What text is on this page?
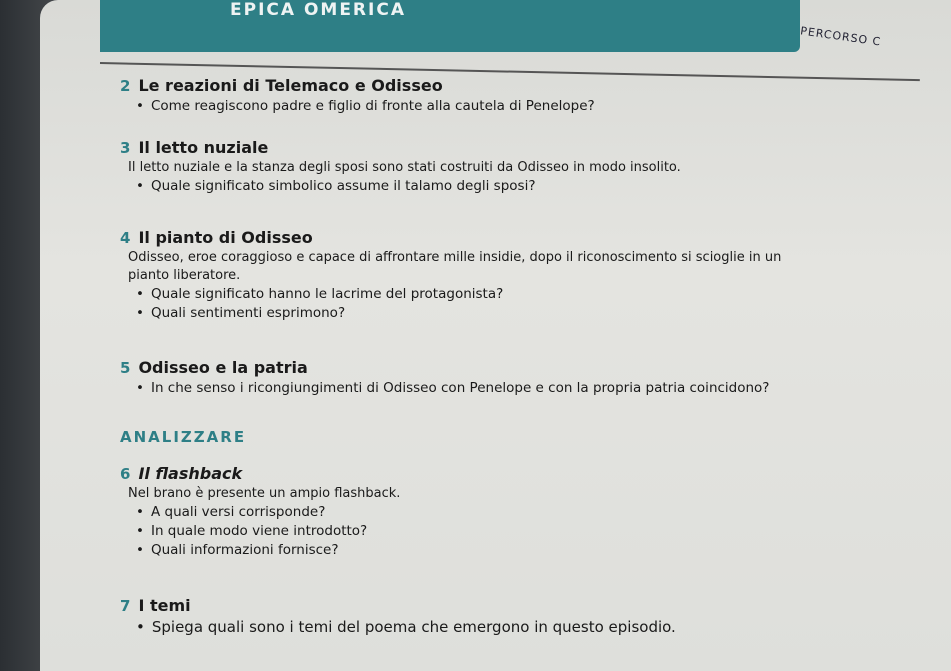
EPICA OMERICA
PERCORSO C

2 Le reazioni di Telemaco e Odisseo

• Come reagiscono padre e figlio di fronte alla cautela di Penelope?

3 Il letto nuziale

Il letto nuziale e la stanza degli sposi sono stati costruiti da Odisseo in modo insolito.

• Quale significato simbolico assume il talamo degli sposi?

4 Il pianto di Odisseo

Odisseo, eroe coraggioso e capace di affrontare mille insidie, dopo il riconoscimento si scioglie in un

pianto liberatore.

• Quale significato hanno le lacrime del protagonista?

• Quali sentimenti esprimono?

5 Odisseo e la patria

• In che senso i ricongiungimenti di Odisseo con Penelope e con la propria patria coincidono?

ANALIZZARE

6 Il flashback

Nel brano è presente un ampio flashback.

• A quali versi corrisponde?

• In quale modo viene introdotto?

• Quali informazioni fornisce?

7 I temi

• Spiega quali sono i temi del poema che emergono in questo episodio.
